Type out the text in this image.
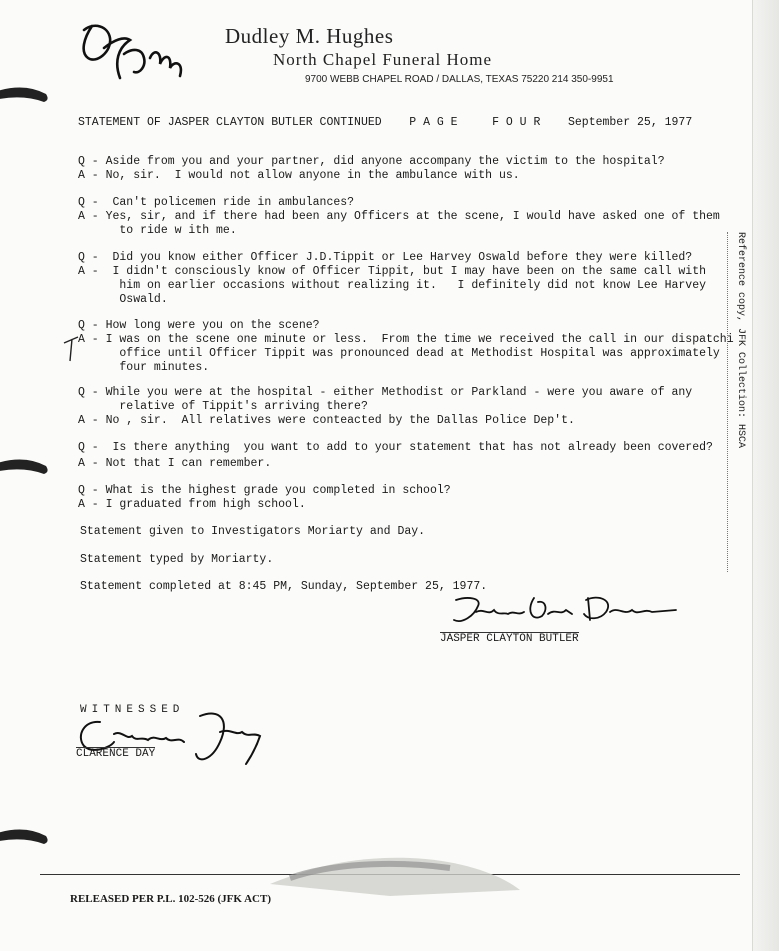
Dudley M. Hughes
North Chapel Funeral Home
9700 WEBB CHAPEL ROAD / DALLAS, TEXAS 75220 214 350-9951
STATEMENT OF JASPER CLAYTON BUTLER CONTINUED P A G E     F O U R September 25, 1977
Q - Aside from you and your partner, did anyone accompany the victim to the hospital?
A - No, sir.  I would not allow anyone in the ambulance with us.
Q -  Can't policemen ride in ambulances?
A - Yes, sir, and if there had been any Officers at the scene, I would have asked one of them
to ride w ith me.
Q -  Did you know either Officer J.D.Tippit or Lee Harvey Oswald before they were killed?
A -  I didn't consciously know of Officer Tippit, but I may have been on the same call with
him on earlier occasions without realizing it.   I definitely did not know Lee Harvey
Oswald.
Q - How long were you on the scene?
A - I was on the scene one minute or less.  From the time we received the call in our dispatchi
office until Officer Tippit was pronounced dead at Methodist Hospital was approximately
four minutes.
Q - While you were at the hospital - either Methodist or Parkland - were you aware of any
relative of Tippit's arriving there?
A - No , sir.  All relatives were conteacted by the Dallas Police Dep't.
Q -  Is there anything  you want to add to your statement that has not already been covered?
A - Not that I can remember.
Q - What is the highest grade you completed in school?
A - I graduated from high school.
Statement given to Investigators Moriarty and Day.
Statement typed by Moriarty.
Statement completed at 8:45 PM, Sunday, September 25, 1977.
JASPER CLAYTON BUTLER
WITNESSED
CLARENCE DAY
Reference copy, JFK Collection: HSCA
RELEASED PER P.L. 102-526 (JFK ACT)
